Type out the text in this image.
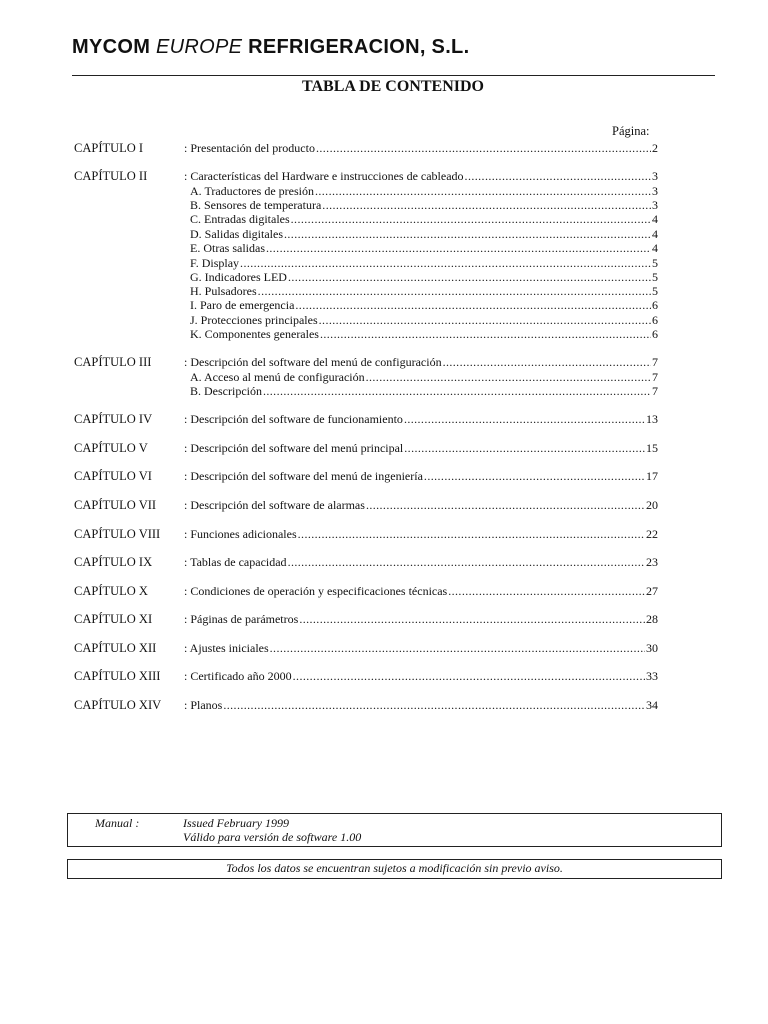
MYCOM EUROPE REFRIGERACION, S.L.
TABLA DE CONTENIDO
Página:
CAPÍTULO I	: Presentación del producto .....	2
CAPÍTULO II	: Características del Hardware e instrucciones de cableado .....	3
A. Traductores de presión .....	3
B. Sensores de temperatura .....	3
C. Entradas digitales .....	4
D. Salidas digitales .....	4
E. Otras salidas .....	4
F. Display .....	5
G. Indicadores LED .....	5
H. Pulsadores .....	5
I. Paro de emergencia .....	6
J. Protecciones principales .....	6
K. Componentes generales .....	6
CAPÍTULO III	: Descripción del software del menú de configuración .....	7
A. Acceso al menú de configuración .....	7
B. Descripción .....	7
CAPÍTULO IV	: Descripción del software de funcionamiento .....	13
CAPÍTULO V	: Descripción del software del menú principal .....	15
CAPÍTULO VI	: Descripción del software del menú de ingeniería .....	17
CAPÍTULO VII : Descripción del software de alarmas .....	20
CAPÍTULO VIII : Funciones adicionales .....	22
CAPÍTULO IX	: Tablas de capacidad .....	23
CAPÍTULO X	: Condiciones de operación y especificaciones técnicas .....	27
CAPÍTULO XI	: Páginas de parámetros .....	28
CAPÍTULO XII : Ajustes iniciales .....	30
CAPÍTULO XIII : Certificado año 2000 .....	33
CAPÍTULO XIV : Planos .....	34
Manual :	Issued February 1999
Válido para versión de software 1.00
Todos los datos se encuentran sujetos a modificación sin previo aviso.
